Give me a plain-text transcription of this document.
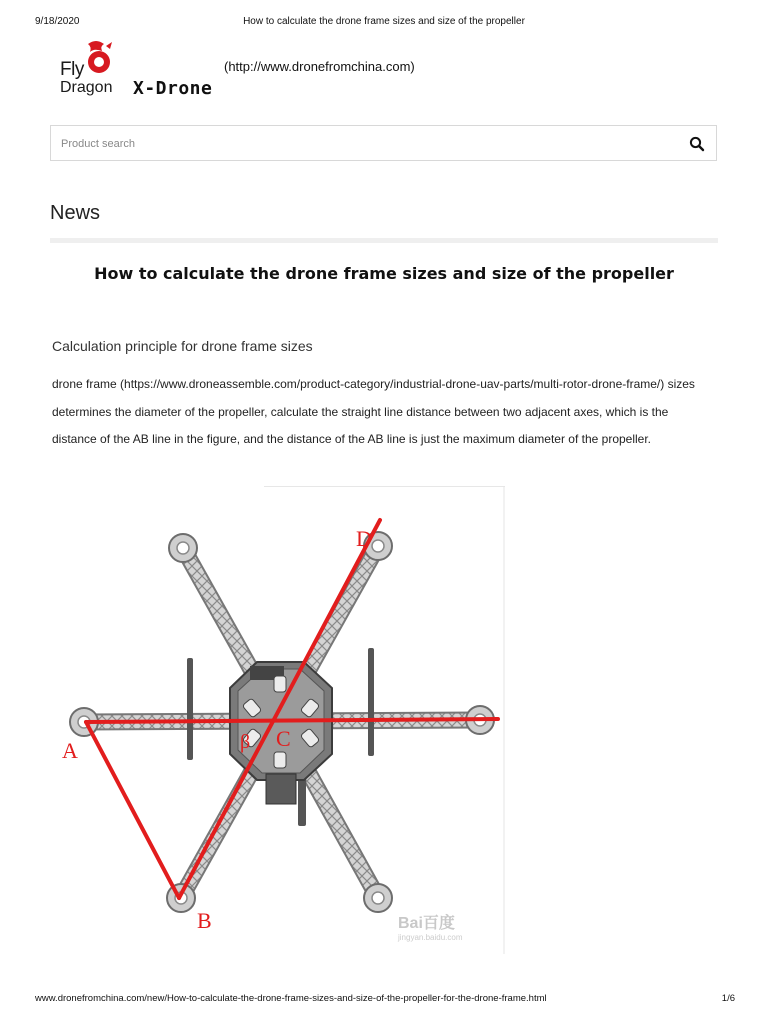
9/18/2020	How to calculate the drone frame sizes and size of the propeller
Fly
Dragon X-Drone
(http://www.dronefromchina.com)
Product search
News
How to calculate the drone frame sizes and size of the propeller
Calculation principle for drone frame sizes
drone frame (https://www.droneassemble.com/product-category/industrial-drone-uav-parts/multi-rotor-drone-frame/) sizes determines the diameter of the propeller, calculate the straight line distance between two adjacent axes, which is the distance of the AB line in the figure, and the distance of the AB line is just the maximum diameter of the propeller.
A
B
C
D
β
Bai百度
jingyan.baidu.com
www.dronefromchina.com/new/How-to-calculate-the-drone-frame-sizes-and-size-of-the-propeller-for-the-drone-frame.html	1/6
